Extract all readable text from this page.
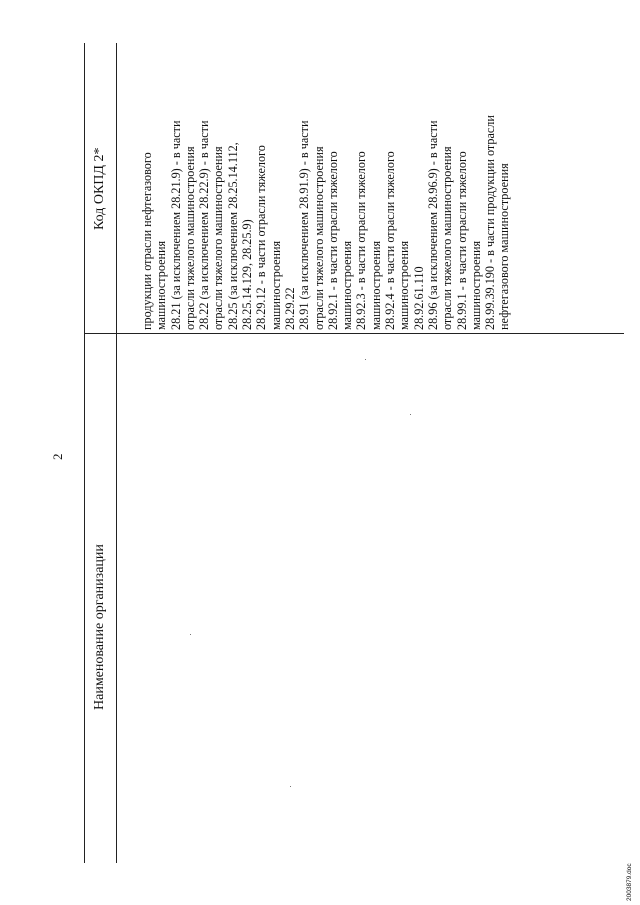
2
Наименование организации
Код ОКПД 2*	продукции отрасли нефтегазового машиностроения 28.21 (за исключением 28.21.9) - в части отрасли тяжелого машиностроения 28.22 (за исключением 28.22.9) - в части отрасли тяжелого машиностроения 28.25 (за исключением 28.25.14.112, 28.25.14.129, 28.25.9) 28.29.12 - в части отрасли тяжелого машиностроения 28.29.22 28.91 (за исключением 28.91.9) - в части отрасли тяжелого машиностроения 28.92.1 - в части отрасли тяжелого машиностроения 28.92.3 - в части отрасли тяжелого машиностроения 28.92.4 - в части отрасли тяжелого машиностроения 28.92.61.110 28.96 (за исключением 28.96.9) - в части отрасли тяжелого машиностроения 28.99.1 - в части отрасли тяжелого машиностроения 28.99.39.190 - в части продукции отрасли нефтегазового машиностроения
2003879.doc
